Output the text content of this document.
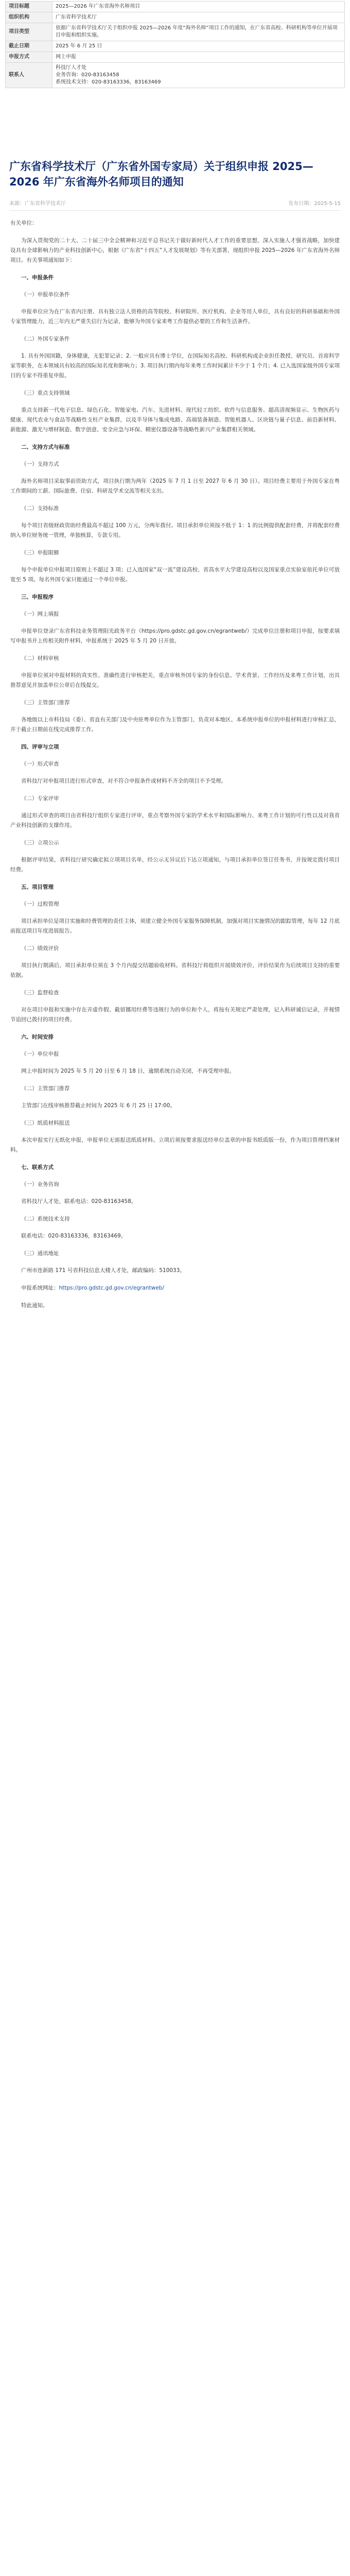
项目标题	2025—2026 年广东省海外名师项目
组织机构	广东省科学技术厅
项目类型	依据广东省科学技术厅关于组织申报 2025—2026 年度“海外名师”项目工作的通知，在广东省高校、科研机构等单位开展项目申报和组织实施。
截止日期	2025 年 6 月 25 日
申报方式	网上申报
联系人	科技厅人才处
业务咨询：020-83163458
系统技术支持：020-83163336，83163469
广东省科学技术厅（广东省外国专家局）关于组织申报 2025—2026 年广东省海外名师项目的通知
来源：广东省科学技术厅	发布日期：2025-5-15

有关单位：

为深入贯彻党的二十大、二十届三中全会精神和习近平总书记关于做好新时代人才工作的重要思想，深入实施人才强省战略，加快建设具有全球影响力的产业科技创新中心，根据《广东省“十四五”人才发展规划》等有关部署，现组织申报 2025—2026 年广东省海外名师项目。有关事项通知如下：

一、申报条件
（一）申报单位条件

申报单位应为在广东省内注册、具有独立法人资格的高等院校、科研院所、医疗机构、企业等用人单位，具有良好的科研基础和外国专家管理能力，近三年内无严重失信行为记录，能够为外国专家来粤工作提供必要的工作和生活条件。

（二）外国专家条件

1. 具有外国国籍，身体健康，无犯罪记录；2. 一般应具有博士学位，在国际知名高校、科研机构或企业担任教授、研究员、首席科学家等职务，在本领域具有较高的国际知名度和影响力；3. 项目执行期内每年来粤工作时间累计不少于 1 个月；4. 已入选国家级外国专家项目的专家不得重复申报。

（三）重点支持领域

重点支持新一代电子信息、绿色石化、智能家电、汽车、先进材料、现代轻工纺织、软件与信息服务、超高清视频显示、生物医药与健康、现代农业与食品等战略性支柱产业集群，以及半导体与集成电路、高端装备制造、智能机器人、区块链与量子信息、前沿新材料、新能源、激光与增材制造、数字创意、安全应急与环保、精密仪器设备等战略性新兴产业集群相关领域。

二、支持方式与标准
（一）支持方式

海外名师项目采取事前资助方式，项目执行期为两年（2025 年 7 月 1 日至 2027 年 6 月 30 日）。项目经费主要用于外国专家在粤工作期间的工薪、国际旅费、住宿、科研及学术交流等相关支出。

（二）支持标准

每个项目省级财政资助经费最高不超过 100 万元，分两年拨付。项目承担单位须按不低于 1：1 的比例提供配套经费，并将配套经费纳入单位财务统一管理，单独核算，专款专用。

（三）申报限额

每个申报单位申报项目原则上不超过 3 项；已入选国家“双一流”建设高校、省高水平大学建设高校以及国家重点实验室依托单位可放宽至 5 项。每名外国专家只能通过一个单位申报。

三、申报程序
（一）网上填报

申报单位登录广东省科技业务管理阳光政务平台（https://pro.gdstc.gd.gov.cn/egrantweb/）完成单位注册和项目申报，按要求填写申报书并上传相关附件材料，申报系统于 2025 年 5 月 20 日开放。

（二）材料审核

申报单位须对申报材料的真实性、准确性进行审核把关，重点审核外国专家的身份信息、学术背景、工作经历及来粤工作计划，出具推荐意见并加盖单位公章后在线提交。

（三）主管部门推荐

各地级以上市科技局（委）、省直有关部门及中央驻粤单位作为主管部门，负责对本地区、本系统申报单位的申报材料进行审核汇总，并于截止日期前在线完成推荐工作。

四、评审与立项
（一）形式审查

省科技厅对申报项目进行形式审查，对不符合申报条件或材料不齐全的项目不予受理。

（二）专家评审

通过形式审查的项目由省科技厅组织专家进行评审，重点考察外国专家的学术水平和国际影响力、来粤工作计划的可行性以及对我省产业科技创新的支撑作用。

（三）立项公示

根据评审结果，省科技厅研究确定拟立项项目名单，经公示无异议后下达立项通知，与项目承担单位签订任务书，并按规定拨付项目经费。

五、项目管理
（一）过程管理

项目承担单位是项目实施和经费管理的责任主体，须建立健全外国专家服务保障机制，加强对项目实施情况的跟踪管理，每年 12 月底前报送项目年度进展报告。

（二）绩效评价

项目执行期满后，项目承担单位须在 3 个月内提交结题验收材料。省科技厅将组织开展绩效评价，评价结果作为后续项目支持的重要依据。

（三）监督检查

对在项目申报和实施中存在弄虚作假、截留挪用经费等违规行为的单位和个人，将按有关规定严肃处理，记入科研诚信记录，并视情节追回已拨付的项目经费。

六、时间安排
（一）单位申报

网上申报时间为 2025 年 5 月 20 日至 6 月 18 日，逾期系统自动关闭，不再受理申报。

（二）主管部门推荐

主管部门在线审核推荐截止时间为 2025 年 6 月 25 日 17:00。

（三）纸质材料报送

本次申报实行无纸化申报，申报单位无需报送纸质材料。立项后须按要求报送经单位盖章的申报书纸质版一份，作为项目管理档案材料。

七、联系方式
（一）业务咨询

省科技厅人才处，联系电话：020-83163458。

（二）系统技术支持

联系电话：020-83163336，83163469。

（三）通讯地址

广州市连新路 171 号省科技信息大楼人才处，邮政编码：510033。

申报系统网址：https://pro.gdstc.gd.gov.cn/egrantweb/

特此通知。
